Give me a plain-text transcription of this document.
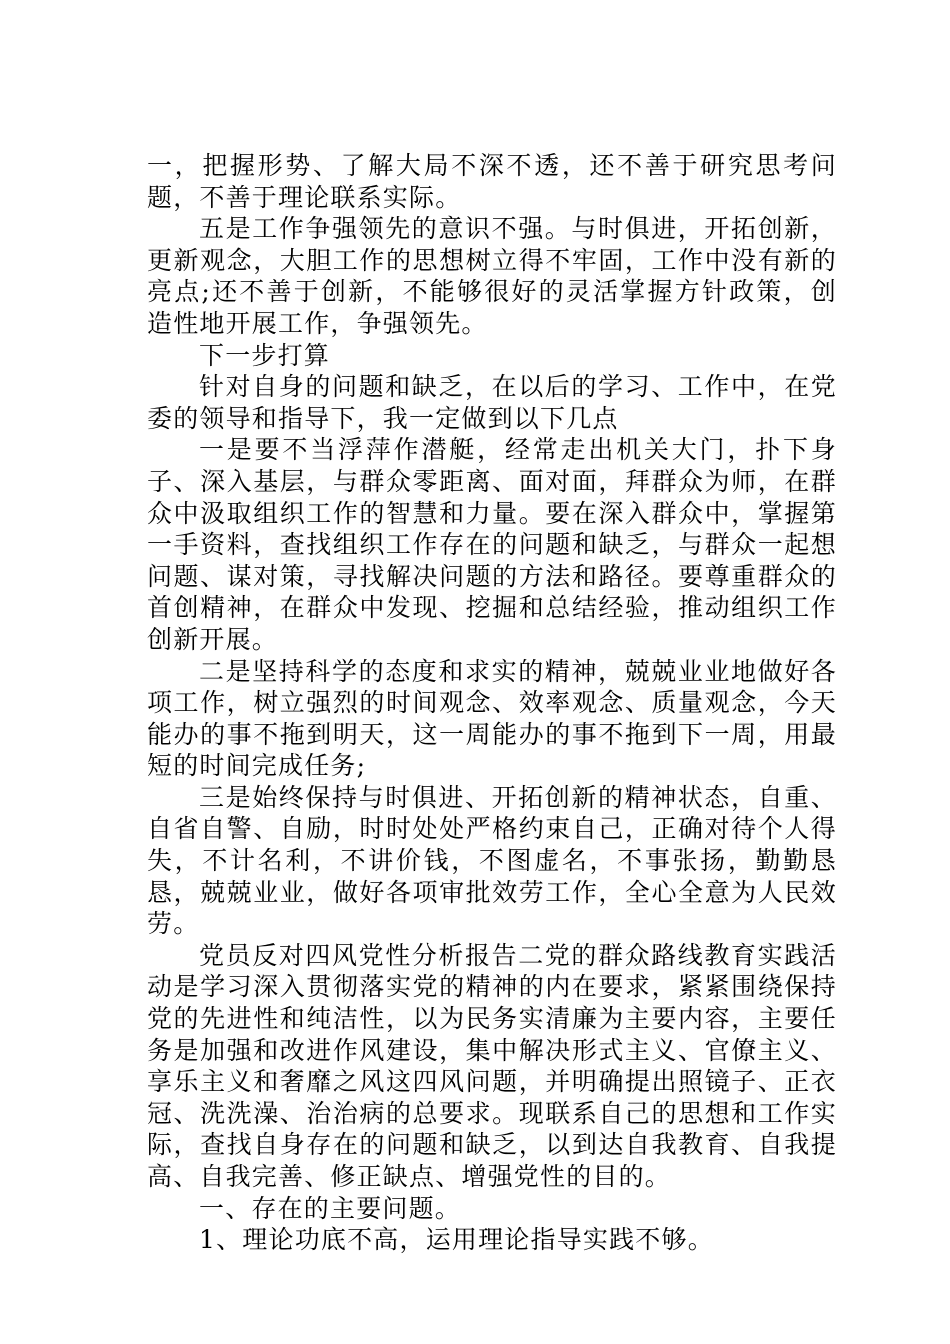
一，把握形势、了解大局不深不透，还不善于研究思考问题，不善于理论联系实际。

五是工作争强领先的意识不强。与时俱进，开拓创新，更新观念，大胆工作的思想树立得不牢固，工作中没有新的亮点;还不善于创新，不能够很好的灵活掌握方针政策，创造性地开展工作，争强领先。

下一步打算

针对自身的问题和缺乏，在以后的学习、工作中，在党委的领导和指导下，我一定做到以下几点

一是要不当浮萍作潜艇，经常走出机关大门，扑下身子、深入基层，与群众零距离、面对面，拜群众为师，在群众中汲取组织工作的智慧和力量。要在深入群众中，掌握第一手资料，查找组织工作存在的问题和缺乏，与群众一起想问题、谋对策，寻找解决问题的方法和路径。要尊重群众的首创精神，在群众中发现、挖掘和总结经验，推动组织工作创新开展。

二是坚持科学的态度和求实的精神，兢兢业业地做好各项工作，树立强烈的时间观念、效率观念、质量观念，今天能办的事不拖到明天，这一周能办的事不拖到下一周，用最短的时间完成任务;

三是始终保持与时俱进、开拓创新的精神状态，自重、自省自警、自励，时时处处严格约束自己，正确对待个人得失，不计名利，不讲价钱，不图虚名，不事张扬，勤勤恳恳，兢兢业业，做好各项审批效劳工作，全心全意为人民效劳。

党员反对四风党性分析报告二党的群众路线教育实践活动是学习深入贯彻落实党的精神的内在要求，紧紧围绕保持党的先进性和纯洁性，以为民务实清廉为主要内容，主要任务是加强和改进作风建设，集中解决形式主义、官僚主义、享乐主义和奢靡之风这四风问题，并明确提出照镜子、正衣冠、洗洗澡、治治病的总要求。现联系自己的思想和工作实际，查找自身存在的问题和缺乏，以到达自我教育、自我提高、自我完善、修正缺点、增强党性的目的。

一、存在的主要问题。

1、理论功底不高，运用理论指导实践不够。
